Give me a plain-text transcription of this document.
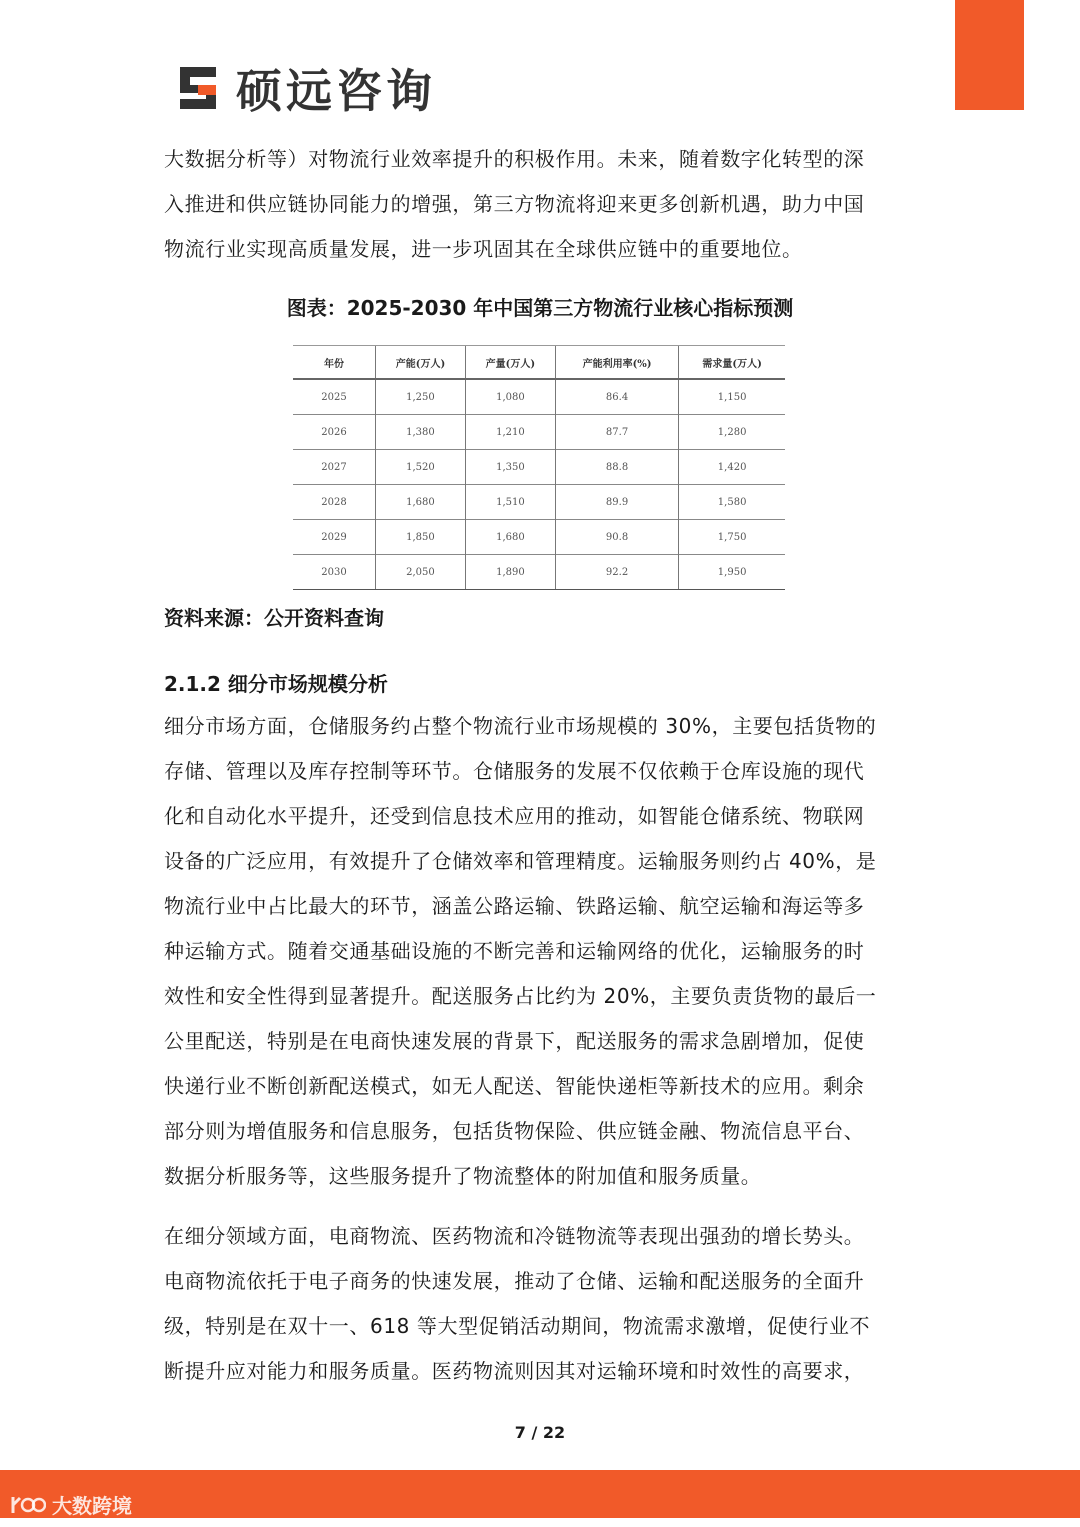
硕远咨询
大数据分析等）对物流行业效率提升的积极作用。未来，随着数字化转型的深
入推进和供应链协同能力的增强，第三方物流将迎来更多创新机遇，助力中国
物流行业实现高质量发展，进一步巩固其在全球供应链中的重要地位。

图表：2025-2030 年中国第三方物流行业核心指标预测

年份	产能(万人)	产量(万人)	产能利用率(%)	需求量(万人)
2025	1,250	1,080	86.4	1,150
2026	1,380	1,210	87.7	1,280
2027	1,520	1,350	88.8	1,420
2028	1,680	1,510	89.9	1,580
2029	1,850	1,680	90.8	1,750
2030	2,050	1,890	92.2	1,950

资料来源：公开资料查询

2.1.2 细分市场规模分析

细分市场方面，仓储服务约占整个物流行业市场规模的 30%，主要包括货物的
存储、管理以及库存控制等环节。仓储服务的发展不仅依赖于仓库设施的现代
化和自动化水平提升，还受到信息技术应用的推动，如智能仓储系统、物联网
设备的广泛应用，有效提升了仓储效率和管理精度。运输服务则约占 40%，是
物流行业中占比最大的环节，涵盖公路运输、铁路运输、航空运输和海运等多
种运输方式。随着交通基础设施的不断完善和运输网络的优化，运输服务的时
效性和安全性得到显著提升。配送服务占比约为 20%，主要负责货物的最后一
公里配送，特别是在电商快速发展的背景下，配送服务的需求急剧增加，促使
快递行业不断创新配送模式，如无人配送、智能快递柜等新技术的应用。剩余
部分则为增值服务和信息服务，包括货物保险、供应链金融、物流信息平台、
数据分析服务等，这些服务提升了物流整体的附加值和服务质量。
在细分领域方面，电商物流、医药物流和冷链物流等表现出强劲的增长势头。
电商物流依托于电子商务的快速发展，推动了仓储、运输和配送服务的全面升
级，特别是在双十一、618 等大型促销活动期间，物流需求激增，促使行业不
断提升应对能力和服务质量。医药物流则因其对运输环境和时效性的高要求，
7 / 22
大数跨境
